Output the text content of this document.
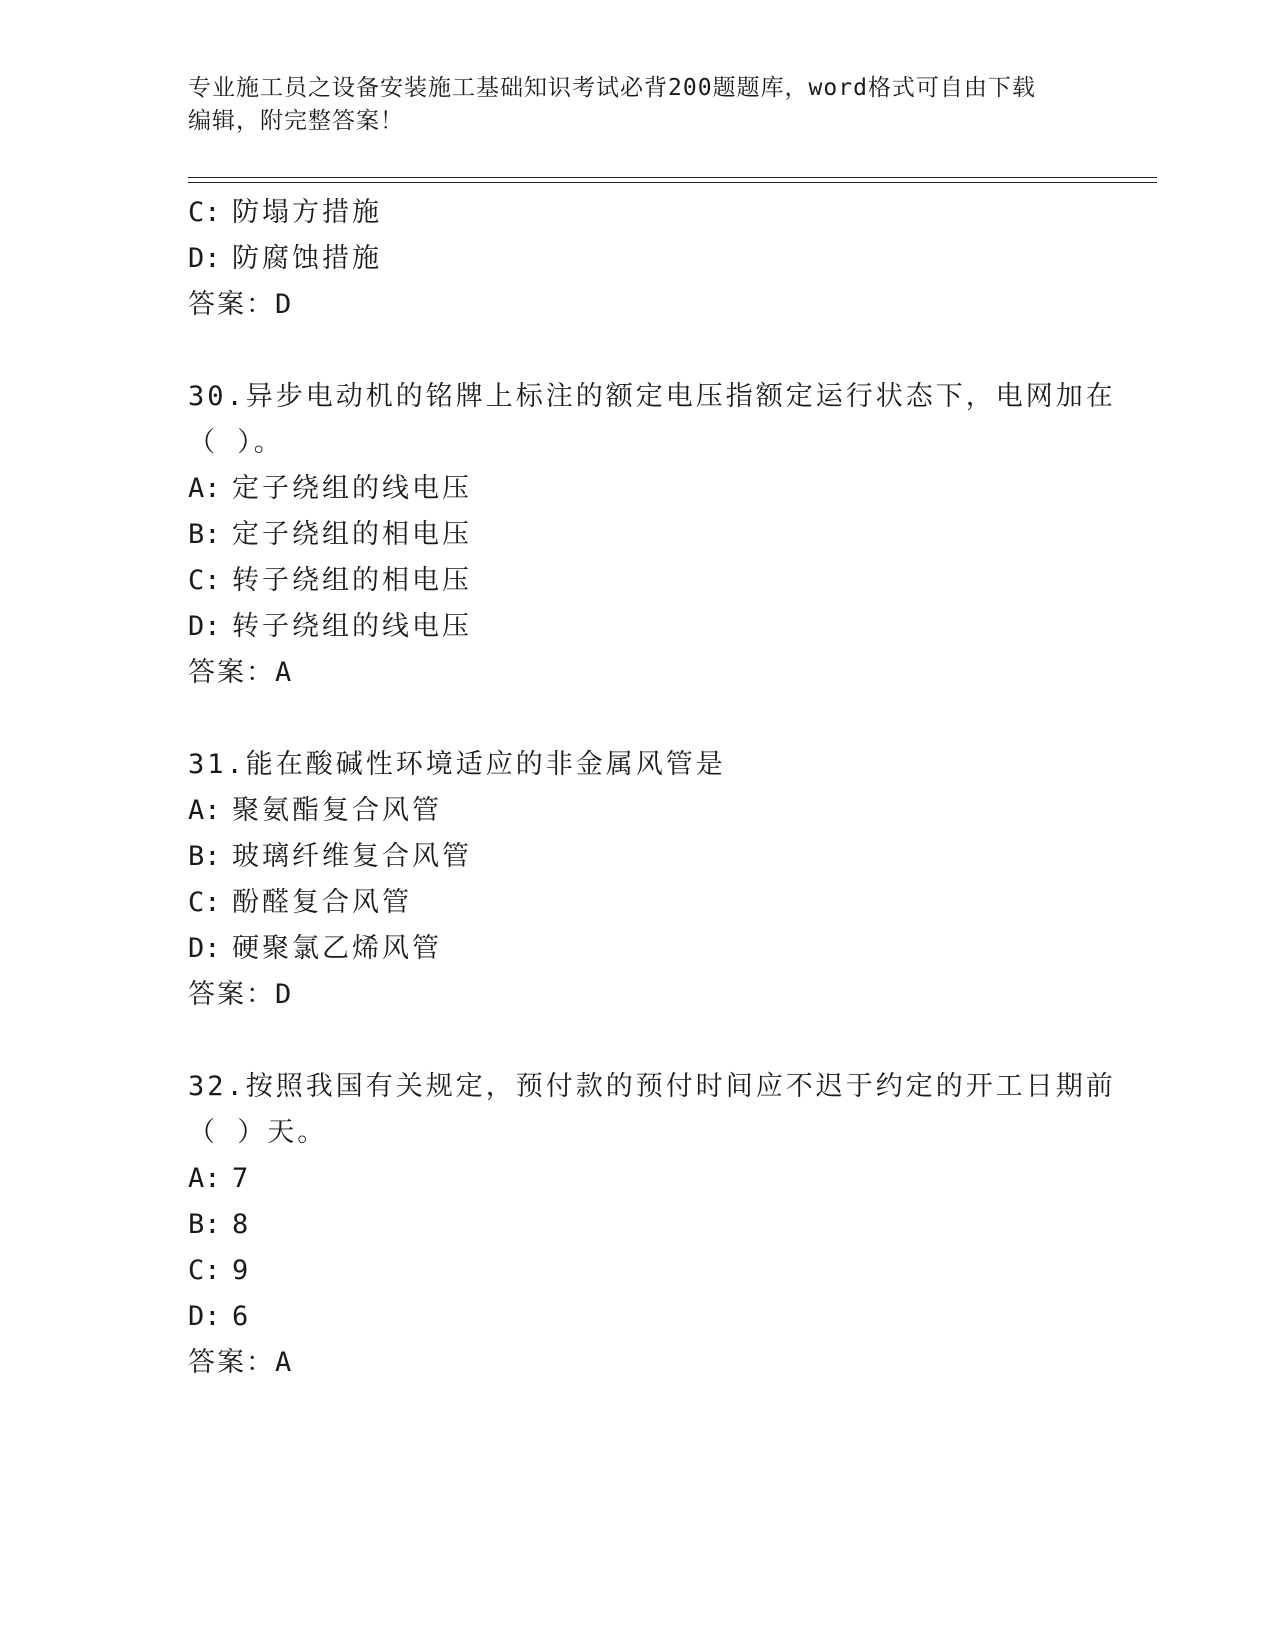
专业施工员之设备安装施工基础知识考试必背200题题库，word格式可自由下载
编辑，附完整答案！
C: 防塌方措施
D: 防腐蚀措施
答案：D
30.异步电动机的铭牌上标注的额定电压指额定运行状态下，电网加在
（ ）。
A: 定子绕组的线电压
B: 定子绕组的相电压
C: 转子绕组的相电压
D: 转子绕组的线电压
答案：A
31.能在酸碱性环境适应的非金属风管是
A: 聚氨酯复合风管
B: 玻璃纤维复合风管
C: 酚醛复合风管
D: 硬聚氯乙烯风管
答案：D
32.按照我国有关规定，预付款的预付时间应不迟于约定的开工日期前
（ ）天。
A: 7
B: 8
C: 9
D: 6
答案：A
